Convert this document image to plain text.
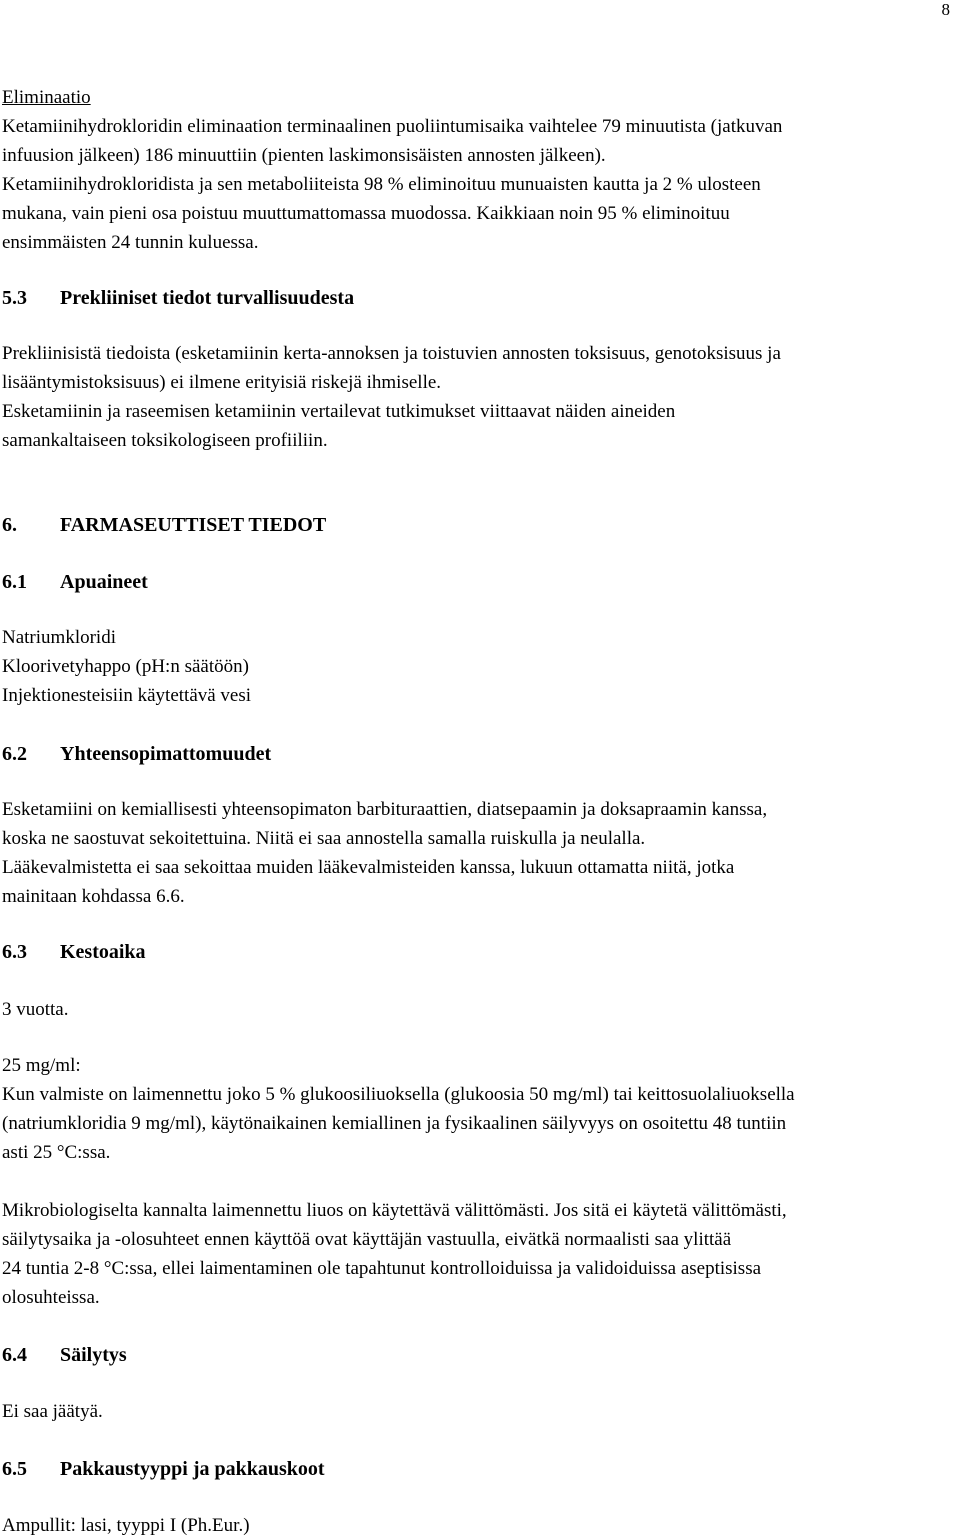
8
Eliminaatio
Ketamiinihydrokloridin eliminaation terminaalinen puoliintumisaika vaihtelee 79 minuutista (jatkuvan
infuusion jälkeen) 186 minuuttiin (pienten laskimonsisäisten annosten jälkeen).
Ketamiinihydrokloridista ja sen metaboliiteista 98 % eliminoituu munuaisten kautta ja 2 % ulosteen
mukana, vain pieni osa poistuu muuttumattomassa muodossa. Kaikkiaan noin 95 % eliminoituu
ensimmäisten 24 tunnin kuluessa.
5.3 Prekliiniset tiedot turvallisuudesta
Prekliinisistä tiedoista (esketamiinin kerta-annoksen ja toistuvien annosten toksisuus, genotoksisuus ja
lisääntymistoksisuus) ei ilmene erityisiä riskejä ihmiselle.
Esketamiinin ja raseemisen ketamiinin vertailevat tutkimukset viittaavat näiden aineiden
samankaltaiseen toksikologiseen profiiliin.
6. FARMASEUTTISET TIEDOT
6.1 Apuaineet
Natriumkloridi
Kloorivetyhappo (pH:n säätöön)
Injektionesteisiin käytettävä vesi
6.2 Yhteensopimattomuudet
Esketamiini on kemiallisesti yhteensopimaton barbituraattien, diatsepaamin ja doksapraamin kanssa,
koska ne saostuvat sekoitettuina. Niitä ei saa annostella samalla ruiskulla ja neulalla.
Lääkevalmistetta ei saa sekoittaa muiden lääkevalmisteiden kanssa, lukuun ottamatta niitä, jotka
mainitaan kohdassa 6.6.
6.3 Kestoaika
3 vuotta.
25 mg/ml:
Kun valmiste on laimennettu joko 5 % glukoosiliuoksella (glukoosia 50 mg/ml) tai keittosuolaliuoksella
(natriumkloridia 9 mg/ml), käytönaikainen kemiallinen ja fysikaalinen säilyvyys on osoitettu 48 tuntiin
asti 25 °C:ssa.
Mikrobiologiselta kannalta laimennettu liuos on käytettävä välittömästi. Jos sitä ei käytetä välittömästi,
säilytysaika ja -olosuhteet ennen käyttöä ovat käyttäjän vastuulla, eivätkä normaalisti saa ylittää
24 tuntia 2-8 °C:ssa, ellei laimentaminen ole tapahtunut kontrolloiduissa ja validoiduissa aseptisissa
olosuhteissa.
6.4 Säilytys
Ei saa jäätyä.
6.5 Pakkaustyyppi ja pakkauskoot
Ampullit: lasi, tyyppi I (Ph.Eur.)
